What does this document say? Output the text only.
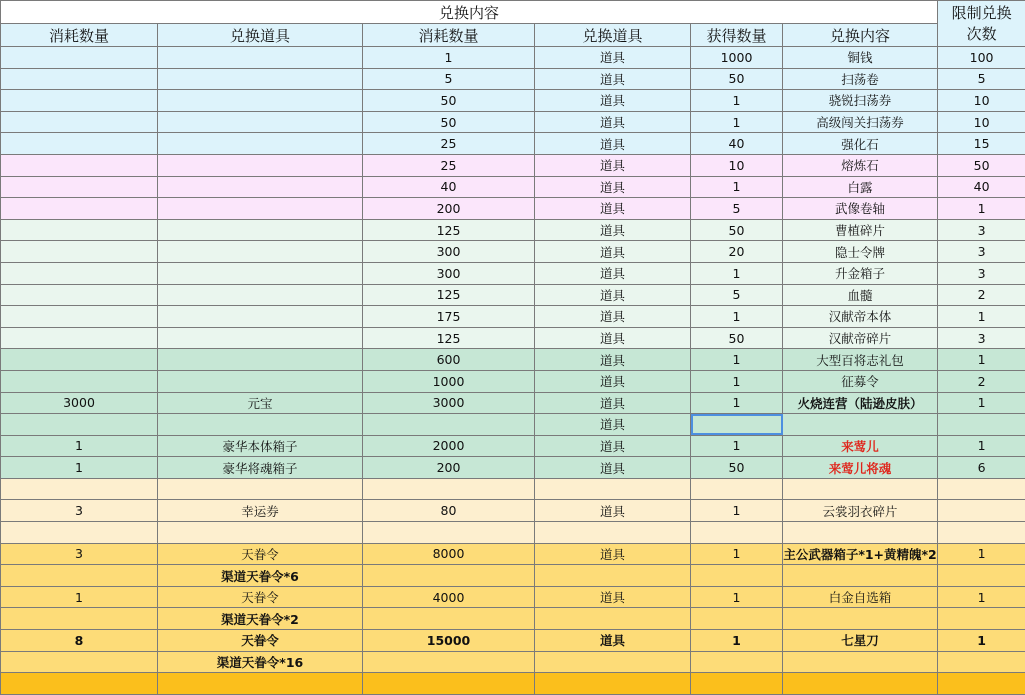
兑换内容						限制兑换
次数

消耗数量	兑换道具	消耗数量	兑换道具	获得数量	兑换内容	
		1	道具	1000	铜钱	100
		5	道具	50	扫荡卷	5
		50	道具	1	骁锐扫荡券	10
		50	道具	1	高级闯关扫荡券	10
		25	道具	40	强化石	15
		25	道具	10	熔炼石	50
		40	道具	1	白露	40
		200	道具	5	武像卷轴	1
		125	道具	50	曹植碎片	3
		300	道具	20	隐士令牌	3
		300	道具	1	升金箱子	3
		125	道具	5	血髓	2
		175	道具	1	汉献帝本体	1
		125	道具	50	汉献帝碎片	3
		600	道具	1	大型百将志礼包	1
		1000	道具	1	征募令	2
3000	元宝	3000	道具	1	火烧连营（陆逊皮肤）	1
			道具			
1	豪华本体箱子	2000	道具	1	来莺儿	1
1	豪华将魂箱子	200	道具	50	来莺儿将魂	6

3	幸运券	80	道具	1	云裳羽衣碎片	

3	天眷令	8000	道具	1	主公武器箱子*1+黄精魄*2	1
	渠道天眷令*6					
1	天眷令	4000	道具	1	白金自选箱	1
	渠道天眷令*2					
8	天眷令	15000	道具	1	七星刀	1
	渠道天眷令*16					
